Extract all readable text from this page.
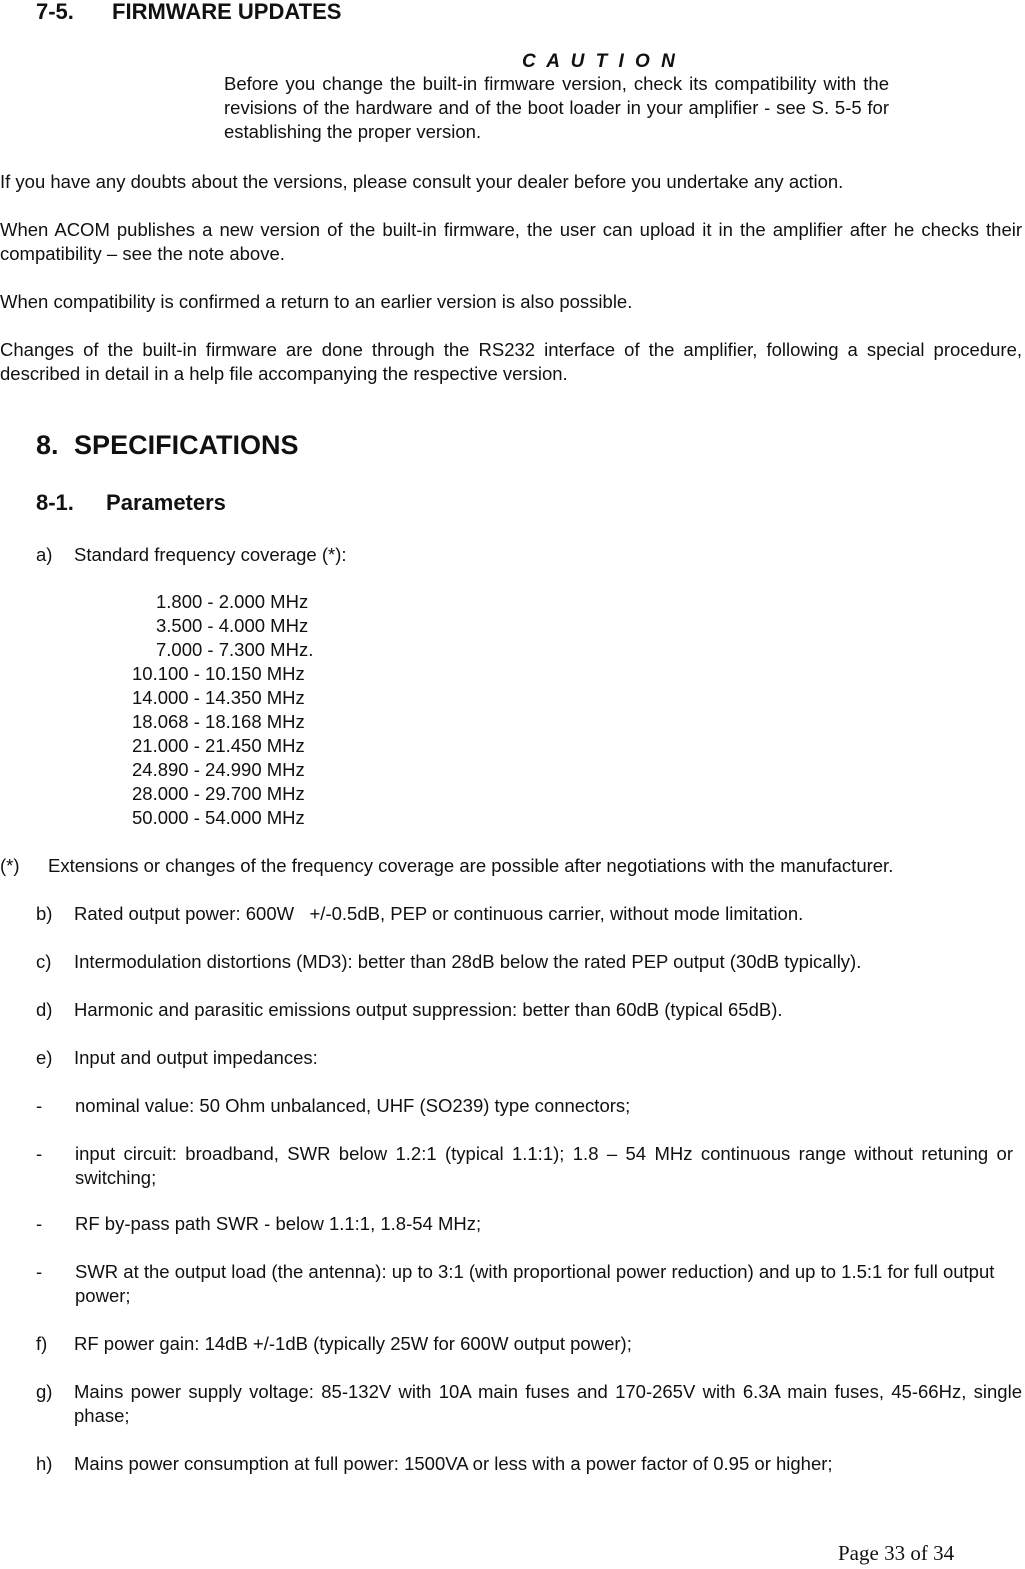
7-5. FIRMWARE UPDATES
C A U T I O N
Before you change the built-in firmware version, check its compatibility with the revisions of the hardware and of the boot loader in your amplifier - see S. 5-5 for establishing the proper version.
If you have any doubts about the versions, please consult your dealer before you undertake any action.
When ACOM publishes a new version of the built-in firmware, the user can upload it in the amplifier after he checks their compatibility – see the note above.
When compatibility is confirmed a return to an earlier version is also possible.
Changes of the built-in firmware are done through the RS232 interface of the amplifier, following a special procedure, described in detail in a help file accompanying the respective version.
8. SPECIFICATIONS
8-1. Parameters
a) Standard frequency coverage (*):
1.800 - 2.000 MHz
3.500 - 4.000 MHz
7.000 - 7.300 MHz.
10.100 - 10.150 MHz
14.000 - 14.350 MHz
18.068 - 18.168 MHz
21.000 - 21.450 MHz
24.890 - 24.990 MHz
28.000 - 29.700 MHz
50.000 - 54.000 MHz
(*) Extensions or changes of the frequency coverage are possible after negotiations with the manufacturer.
b) Rated output power: 600W   +/-0.5dB, PEP or continuous carrier, without mode limitation.
c) Intermodulation distortions (MD3): better than 28dB below the rated PEP output (30dB typically).
d) Harmonic and parasitic emissions output suppression: better than 60dB (typical 65dB).
e) Input and output impedances:
- nominal value: 50 Ohm unbalanced, UHF (SO239) type connectors;
- input circuit: broadband, SWR below 1.2:1 (typical 1.1:1); 1.8 – 54 MHz continuous range without retuning or switching;
- RF by-pass path SWR - below 1.1:1, 1.8-54 MHz;
- SWR at the output load (the antenna): up to 3:1 (with proportional power reduction) and up to 1.5:1 for full output power;
f) RF power gain: 14dB +/-1dB (typically 25W for 600W output power);
g) Mains power supply voltage: 85-132V with 10A main fuses and 170-265V with 6.3A main fuses, 45-66Hz, single phase;
h) Mains power consumption at full power: 1500VA or less with a power factor of 0.95 or higher;
Page 33 of 34
